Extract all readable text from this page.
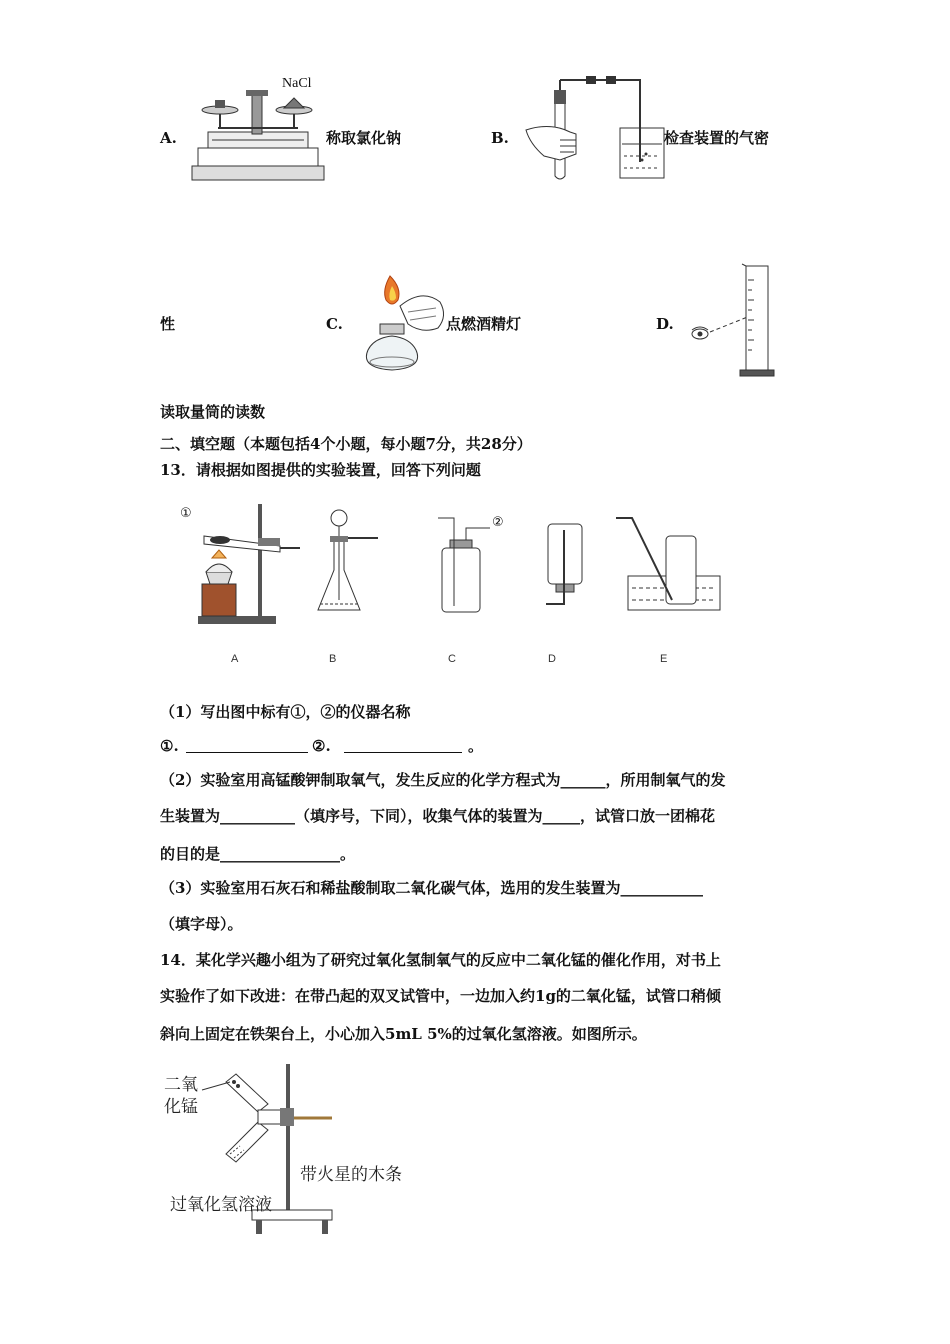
A.
NaCl
称取氯化钠	B.	检查装置的气密
性	C.	点燃酒精灯	D.
读取量筒的读数
二、填空题（本题包括4个小题，每小题7分，共28分）
13．请根据如图提供的实验装置，回答下列问题
①
②
A	B	C	D	E
（1）写出图中标有①，②的仪器名称
①.	②.	。
（2）实验室用高锰酸钾制取氧气，发生反应的化学方程式为______，所用制氧气的发
生装置为__________（填序号，下同），收集气体的装置为_____，试管口放一团棉花
的目的是________________。
（3）实验室用石灰石和稀盐酸制取二氧化碳气体，选用的发生装置为___________
（填字母）。
14．某化学兴趣小组为了研究过氧化氢制氧气的反应中二氧化锰的催化作用，对书上
实验作了如下改进：在带凸起的双叉试管中，一边加入约1g的二氧化锰，试管口稍倾
斜向上固定在铁架台上，小心加入5mL 5%的过氧化氢溶液。如图所示。
二氧
化锰
带火星的木条
过氧化氢溶液
